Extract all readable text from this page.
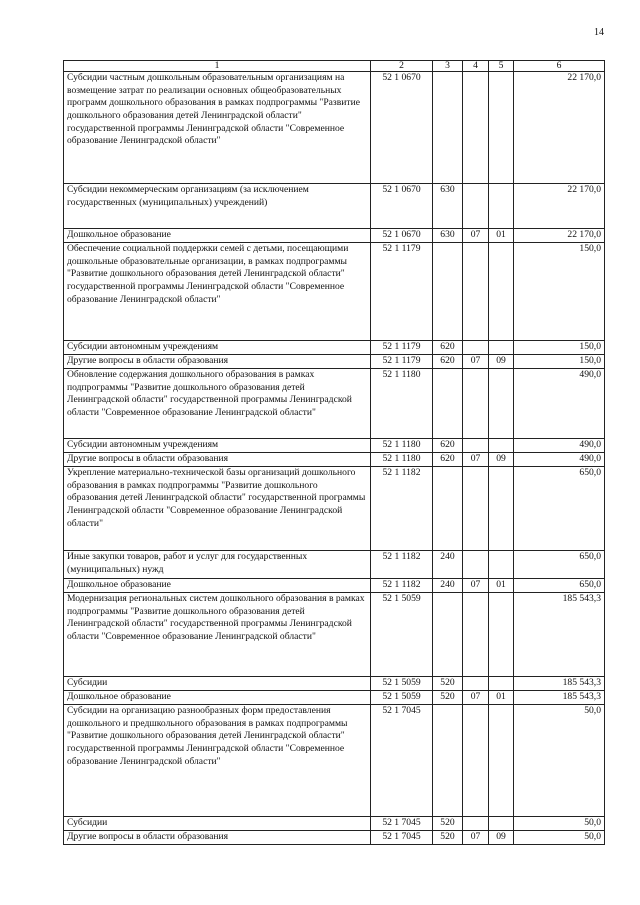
14
1	2	3	4	5	6
Субсидии частным дошкольным образовательным организациям на возмещение затрат по реализации основных общеобразовательных программ дошкольного образования в рамках подпрограммы "Развитие дошкольного образования детей Ленинградской области" государственной программы Ленинградской области "Современное образование Ленинградской области"	52 1 0670				22 170,0
Субсидии некоммерческим организациям (за исключением государственных (муниципальных) учреждений)	52 1 0670	630			22 170,0
Дошкольное образование	52 1 0670	630	07	01	22 170,0
Обеспечение социальной поддержки семей с детьми, посещающими дошкольные образовательные организации, в рамках подпрограммы "Развитие дошкольного образования детей Ленинградской области" государственной программы Ленинградской области "Современное образование Ленинградской области"	52 1 1179				150,0
Субсидии автономным учреждениям	52 1 1179	620			150,0
Другие вопросы в области образования	52 1 1179	620	07	09	150,0
Обновление содержания дошкольного образования в рамках подпрограммы "Развитие дошкольного образования детей Ленинградской области" государственной программы Ленинградской области "Современное образование Ленинградской области"	52 1 1180				490,0
Субсидии автономным учреждениям	52 1 1180	620			490,0
Другие вопросы в области образования	52 1 1180	620	07	09	490,0
Укрепление материально-технической базы организаций дошкольного образования в рамках подпрограммы "Развитие дошкольного образования детей Ленинградской области" государственной программы Ленинградской области "Современное образование Ленинградской области"	52 1 1182				650,0
Иные закупки товаров, работ и услуг для государственных (муниципальных) нужд	52 1 1182	240			650,0
Дошкольное образование	52 1 1182	240	07	01	650,0
Модернизация региональных систем дошкольного образования в рамках подпрограммы "Развитие дошкольного образования детей Ленинградской области" государственной программы Ленинградской области "Современное образование Ленинградской области"	52 1 5059				185 543,3
Субсидии	52 1 5059	520			185 543,3
Дошкольное образование	52 1 5059	520	07	01	185 543,3
Субсидии на организацию разнообразных форм предоставления дошкольного и предшкольного образования в рамках подпрограммы "Развитие дошкольного образования детей Ленинградской области" государственной программы Ленинградской области "Современное образование Ленинградской области"	52 1 7045				50,0
Субсидии	52 1 7045	520			50,0
Другие вопросы в области образования	52 1 7045	520	07	09	50,0
